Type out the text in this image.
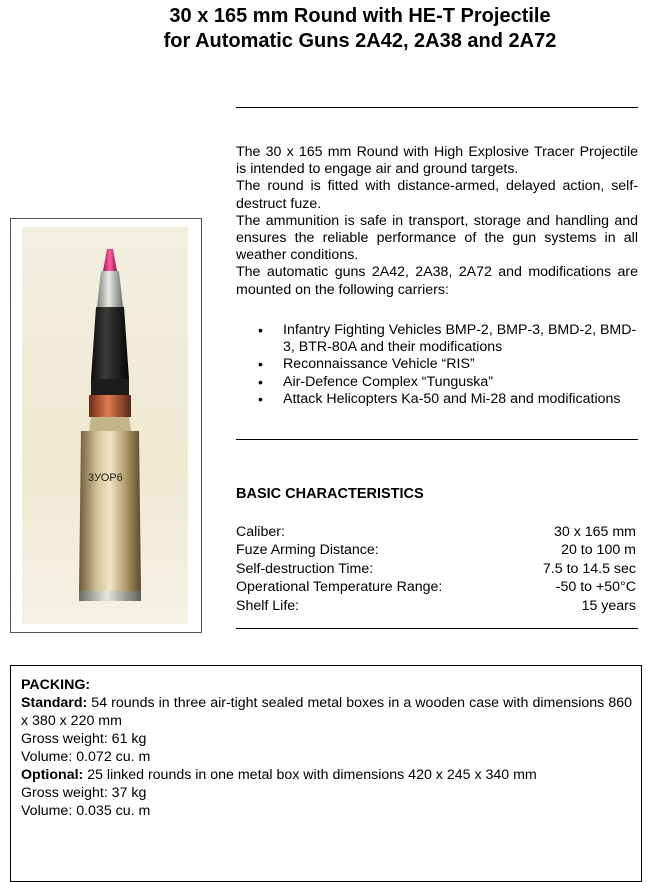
30 x 165 mm Round with HE-T Projectile
for Automatic Guns 2A42, 2A38 and 2A72
3УОР6

The 30 x 165 mm Round with High Explosive Tracer Projectile is intended to engage air and ground targets.

The round is fitted with distance-armed, delayed action, self-destruct fuze.

The ammunition is safe in transport, storage and handling and ensures the reliable performance of the gun systems in all weather conditions.

The automatic guns 2A42, 2A38, 2A72 and modifications are mounted on the following carriers:

• Infantry Fighting Vehicles BMP-2, BMP-3, BMD-2, BMD-3, BTR-80A and their modifications
• Reconnaissance Vehicle “RIS”
• Air-Defence Complex “Tunguska”
• Attack Helicopters Ka-50 and Mi-28 and modifications
BASIC CHARACTERISTICS
Caliber:	30 x 165 mm
Fuze Arming Distance:	20 to 100 m
Self-destruction Time:	7.5 to 14.5 sec
Operational Temperature Range:	-50 to +50°C
Shelf Life:	15 years

PACKING:

Standard: 54 rounds in three air-tight sealed metal boxes in a wooden case with dimensions 860 x 380 x 220 mm

Gross weight: 61 kg

Volume: 0.072 cu. m

Optional: 25 linked rounds in one metal box with dimensions 420 x 245 x 340 mm

Gross weight: 37 kg

Volume: 0.035 cu. m
